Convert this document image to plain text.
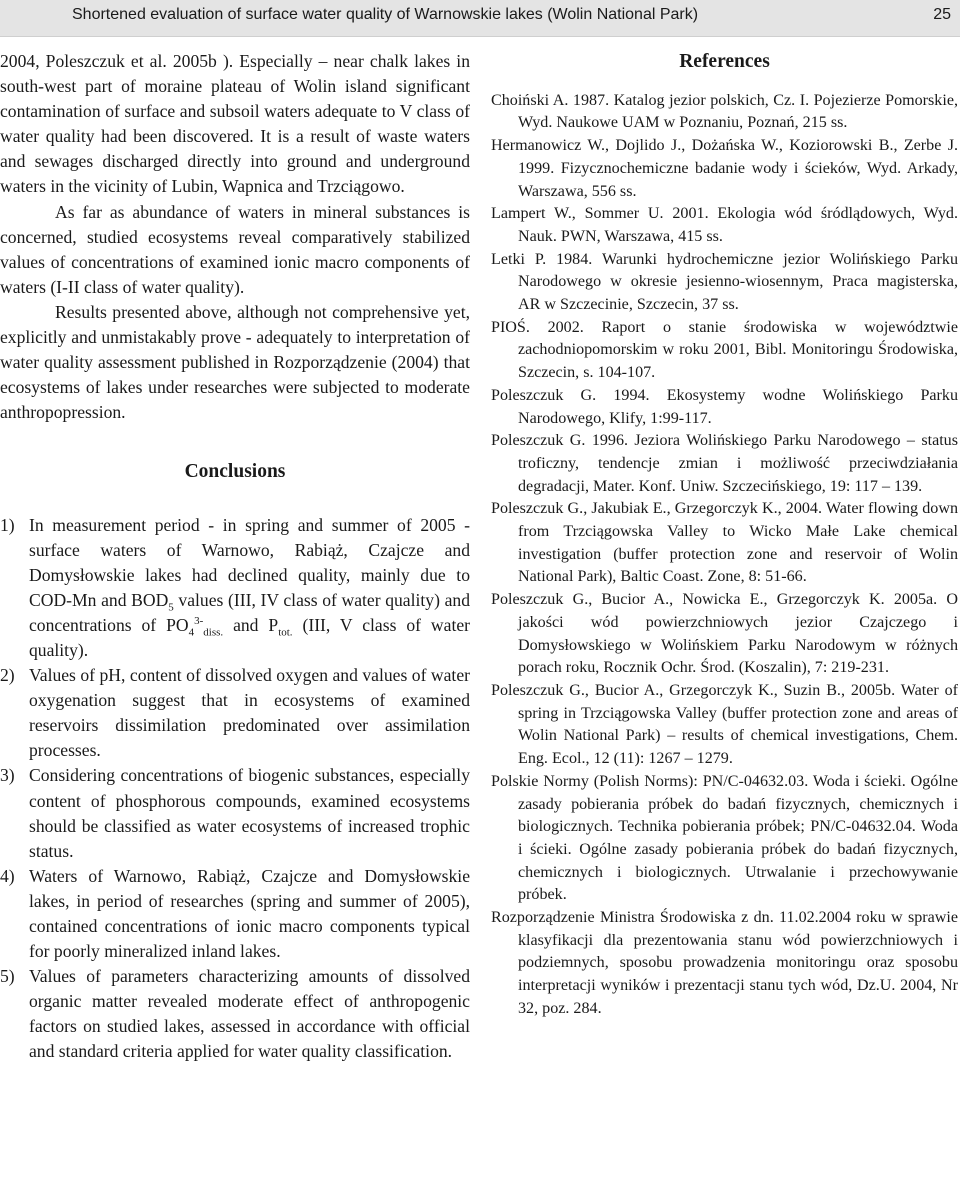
Shortened evaluation of surface water quality of Warnowskie lakes (Wolin National Park)	25

2004, Poleszczuk et al. 2005b ). Especially – near chalk lakes in south-west part of moraine plateau of Wolin island significant contamination of surface and subsoil waters adequate to V class of water quality had been discovered. It is a result of waste waters and sewages discharged directly into ground and underground waters in the vicinity of Lubin, Wapnica and Trzciągowo.

As far as abundance of waters in mineral substances is concerned, studied ecosystems reveal comparatively stabilized values of concentrations of examined ionic macro components of waters (I-II class of water quality).

Results presented above, although not comprehensive yet, explicitly and unmistakably prove - adequately to interpretation of water quality assessment published in Rozporządzenie (2004) that ecosystems of lakes under researches were subjected to moderate anthropopression.

Conclusions
1) In measurement period - in spring and summer of 2005 - surface waters of Warnowo, Rabiąż, Czajcze and Domysłowskie lakes had declined quality, mainly due to COD-Mn and $BOD_5$ values (III, IV class of water quality) and concentrations of $PO_4^{3-}_{diss.}$ and $P_{tot.}$ (III, V class of water quality).
2) Values of pH, content of dissolved oxygen and values of water oxygenation suggest that in ecosystems of examined reservoirs dissimilation predominated over assimilation processes.
3) Considering concentrations of biogenic substances, especially content of phosphorous compounds, examined ecosystems should be classified as water ecosystems of increased trophic status.
4) Waters of Warnowo, Rabiąż, Czajcze and Domysłowskie lakes, in period of researches (spring and summer of 2005), contained concentrations of ionic macro components typical for poorly mineralized inland lakes.
5) Values of parameters characterizing amounts of dissolved organic matter revealed moderate effect of anthropogenic factors on studied lakes, assessed in accordance with official and standard criteria applied for water quality classification.
References

Choiński A. 1987. Katalog jezior polskich, Cz. I. Pojezierze Pomorskie, Wyd. Naukowe UAM w Poznaniu, Poznań, 215 ss.

Hermanowicz W., Dojlido J., Dożańska W., Koziorowski B., Zerbe J. 1999. Fizycznochemiczne badanie wody i ścieków, Wyd. Arkady, Warszawa, 556 ss.

Lampert W., Sommer U. 2001. Ekologia wód śródlądowych, Wyd. Nauk. PWN, Warszawa, 415 ss.

Letki P. 1984. Warunki hydrochemiczne jezior Wolińskiego Parku Narodowego w okresie jesienno-wiosennym, Praca magisterska, AR w Szczecinie, Szczecin, 37 ss.

PIOŚ. 2002. Raport o stanie środowiska w województwie zachodniopomorskim w roku 2001, Bibl. Monitoringu Środowiska, Szczecin, s. 104-107.

Poleszczuk G. 1994. Ekosystemy wodne Wolińskiego Parku Narodowego, Klify, 1:99-117.

Poleszczuk G. 1996. Jeziora Wolińskiego Parku Narodowego – status troficzny, tendencje zmian i możliwość przeciwdziałania degradacji, Mater. Konf. Uniw. Szczecińskiego, 19: 117 – 139.

Poleszczuk G., Jakubiak E., Grzegorczyk K., 2004. Water flowing down from Trzciągowska Valley to Wicko Małe Lake chemical investigation (buffer protection zone and reservoir of Wolin National Park), Baltic Coast. Zone, 8: 51-66.

Poleszczuk G., Bucior A., Nowicka E., Grzegorczyk K. 2005a. O jakości wód powierzchniowych jezior Czajczego i Domysłowskiego w Wolińskiem Parku Narodowym w różnych porach roku, Rocznik Ochr. Środ. (Koszalin), 7: 219-231.

Poleszczuk G., Bucior A., Grzegorczyk K., Suzin B., 2005b. Water of spring in Trzciągowska Valley (buffer protection zone and areas of Wolin National Park) – results of chemical investigations, Chem. Eng. Ecol., 12 (11): 1267 – 1279.

Polskie Normy (Polish Norms): PN/C-04632.03. Woda i ścieki. Ogólne zasady pobierania próbek do badań fizycznych, chemicznych i biologicznych. Technika pobierania próbek; PN/C-04632.04. Woda i ścieki. Ogólne zasady pobierania próbek do badań fizycznych, chemicznych i biologicznych. Utrwalanie i przechowywanie próbek.

Rozporządzenie Ministra Środowiska z dn. 11.02.2004 roku w sprawie klasyfikacji dla prezentowania stanu wód powierzchniowych i podziemnych, sposobu prowadzenia monitoringu oraz sposobu interpretacji wyników i prezentacji stanu tych wód, Dz.U. 2004, Nr 32, poz. 284.
